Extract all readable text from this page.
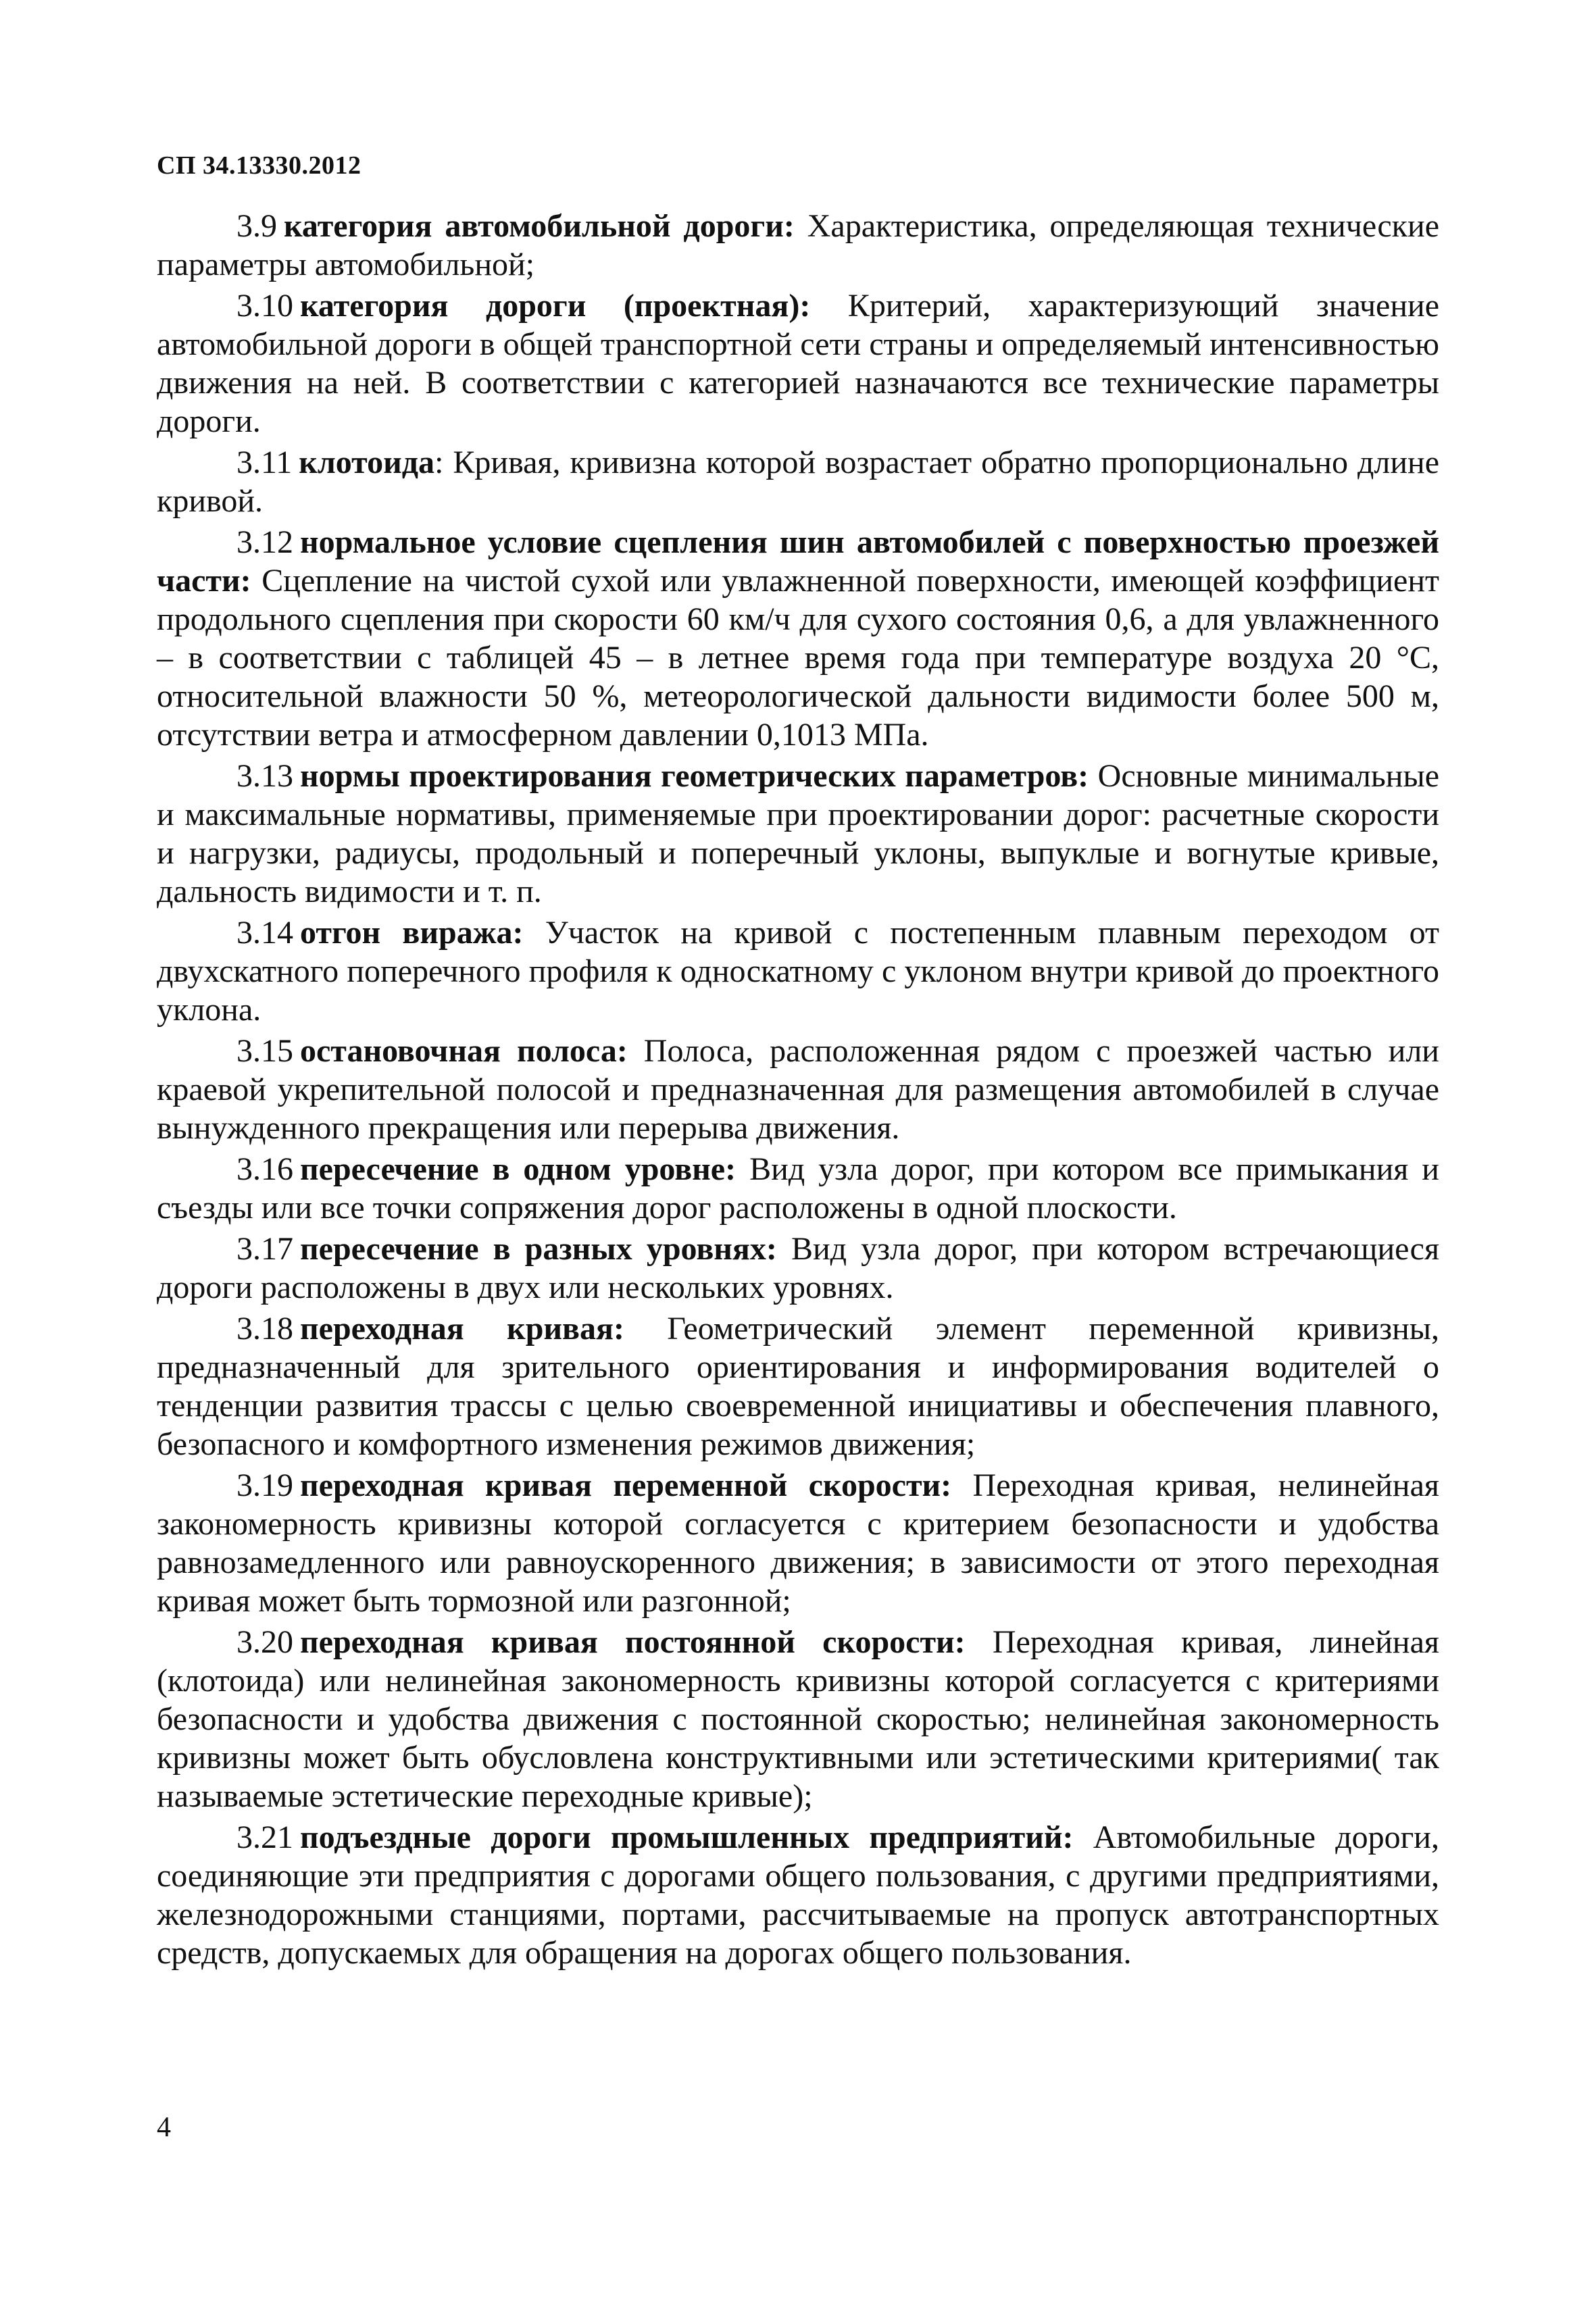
СП 34.13330.2012

3.9 категория автомобильной дороги: Характеристика, определяющая технические параметры автомобильной;

3.10 категория дороги (проектная): Критерий, характеризующий значение автомобильной дороги в общей транспортной сети страны и определяемый интенсивностью движения на ней. В соответствии с категорией назначаются все технические параметры дороги.

3.11 клотоида: Кривая, кривизна которой возрастает обратно пропорционально длине кривой.

3.12 нормальное условие сцепления шин автомобилей с поверхностью проезжей части: Сцепление на чистой сухой или увлажненной поверхности, имеющей коэффициент продольного сцепления при скорости 60 км/ч для сухого состояния 0,6, а для увлажненного – в соответствии с таблицей 45 – в летнее время года при температуре воздуха 20 °С, относительной влажности 50 %, метеорологической дальности видимости более 500 м, отсутствии ветра и атмосферном давлении 0,1013 МПа.

3.13 нормы проектирования геометрических параметров: Основные минимальные и максимальные нормативы, применяемые при проектировании дорог: расчетные скорости и нагрузки, радиусы, продольный и поперечный уклоны, выпуклые и вогнутые кривые, дальность видимости и т. п.

3.14 отгон виража: Участок на кривой с постепенным плавным переходом от двухскатного поперечного профиля к односкатному с уклоном внутри кривой до проектного уклона.

3.15 остановочная полоса: Полоса, расположенная рядом с проезжей частью или краевой укрепительной полосой и предназначенная для размещения автомобилей в случае вынужденного прекращения или перерыва движения.

3.16 пересечение в одном уровне: Вид узла дорог, при котором все примыкания и съезды или все точки сопряжения дорог расположены в одной плоскости.

3.17 пересечение в разных уровнях: Вид узла дорог, при котором встречающиеся дороги расположены в двух или нескольких уровнях.

3.18 переходная кривая: Геометрический элемент переменной кривизны, предназначенный для зрительного ориентирования и информирования водителей о тенденции развития трассы с целью своевременной инициативы и обеспечения плавного, безопасного и комфортного изменения режимов движения;

3.19 переходная кривая переменной скорости: Переходная кривая, нелинейная закономерность кривизны которой согласуется с критерием безопасности и удобства равнозамедленного или равноускоренного движения; в зависимости от этого переходная кривая может быть тормозной или разгонной;

3.20 переходная кривая постоянной скорости: Переходная кривая, линейная (клотоида) или нелинейная закономерность кривизны которой согласуется с критериями безопасности и удобства движения с постоянной скоростью; нелинейная закономерность кривизны может быть обусловлена конструктивными или эстетическими критериями( так называемые эстетические переходные кривые);

3.21 подъездные дороги промышленных предприятий: Автомобильные дороги, соединяющие эти предприятия с дорогами общего пользования, с другими предприятиями, железнодорожными станциями, портами, рассчитываемые на пропуск автотранспортных средств, допускаемых для обращения на дорогах общего пользования.

4
